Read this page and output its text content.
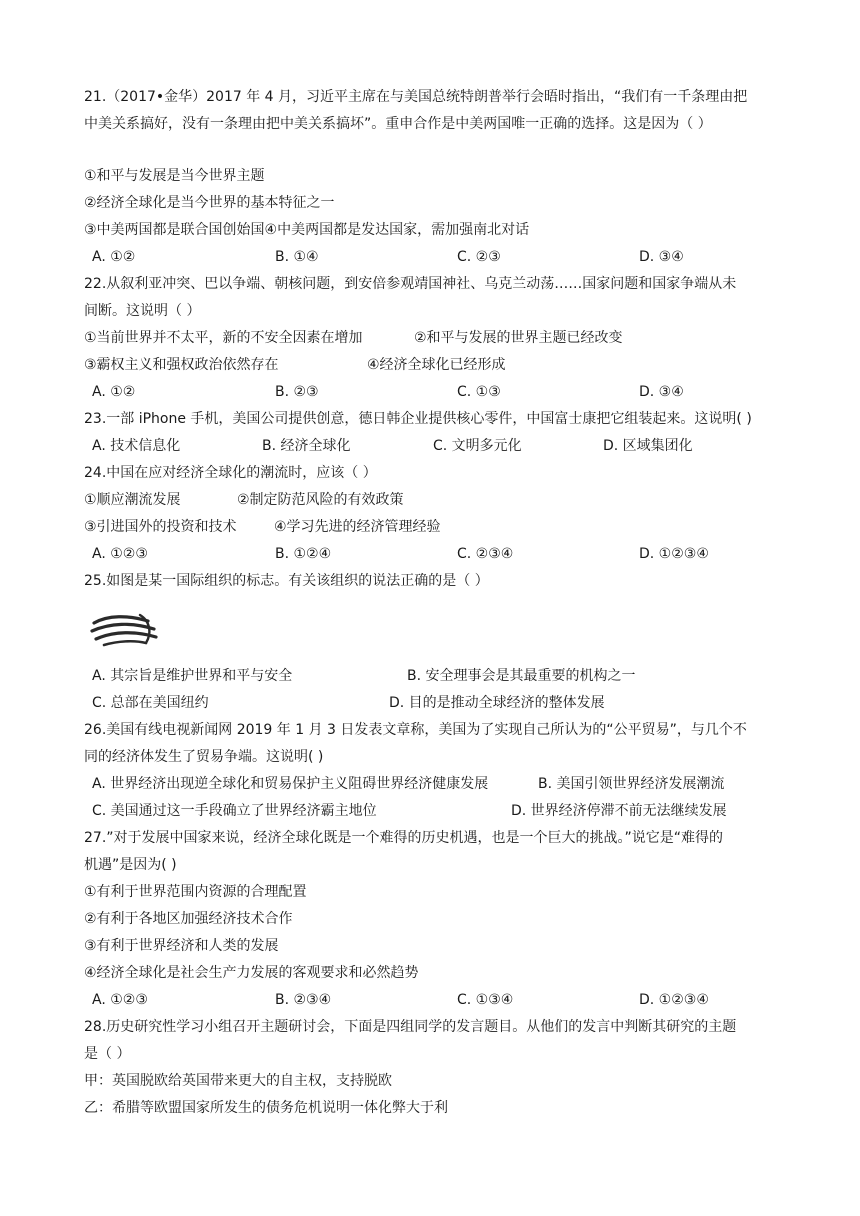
21.（2017•金华）2017 年 4 月，习近平主席在与美国总统特朗普举行会晤时指出，“我们有一千条理由把
中美关系搞好，没有一条理由把中美关系搞坏”。重申合作是中美两国唯一正确的选择。这是因为（ ）
①和平与发展是当今世界主题
②经济全球化是当今世界的基本特征之一
③中美两国都是联合国创始国④中美两国都是发达国家，需加强南北对话
A. ①②	B. ①④	C. ②③	D. ③④
22.从叙利亚冲突、巴以争端、朝核问题，到安倍参观靖国神社、乌克兰动荡……国家问题和国家争端从未
间断。这说明（ ）
①当前世界并不太平，新的不安全因素在增加	②和平与发展的世界主题已经改变
③霸权主义和强权政治依然存在	④经济全球化已经形成
A. ①②	B. ②③	C. ①③	D. ③④
23.一部 iPhone 手机，美国公司提供创意，德日韩企业提供核心零件，中国富士康把它组装起来。这说明( )
A. 技术信息化	B. 经济全球化	C. 文明多元化	D. 区域集团化
24.中国在应对经济全球化的潮流时，应该（ ）
①顺应潮流发展	②制定防范风险的有效政策
③引进国外的投资和技术	④学习先进的经济管理经验
A. ①②③	B. ①②④	C. ②③④	D. ①②③④
25.如图是某一国际组织的标志。有关该组织的说法正确的是（ ）
A. 其宗旨是维护世界和平与安全	B. 安全理事会是其最重要的机构之一
C. 总部在美国纽约	D. 目的是推动全球经济的整体发展
26.美国有线电视新闻网 2019 年 1 月 3 日发表文章称，美国为了实现自己所认为的“公平贸易”，与几个不
同的经济体发生了贸易争端。这说明( )
A. 世界经济出现逆全球化和贸易保护主义阻碍世界经济健康发展	B. 美国引领世界经济发展潮流
C. 美国通过这一手段确立了世界经济霸主地位	D. 世界经济停滞不前无法继续发展
27.”对于发展中国家来说，经济全球化既是一个难得的历史机遇，也是一个巨大的挑战。”说它是“难得的
机遇”是因为( )
①有利于世界范围内资源的合理配置
②有利于各地区加强经济技术合作
③有利于世界经济和人类的发展
④经济全球化是社会生产力发展的客观要求和必然趋势
A. ①②③	B. ②③④	C. ①③④	D. ①②③④
28.历史研究性学习小组召开主题研讨会，下面是四组同学的发言题目。从他们的发言中判断其研究的主题
是（ ）
甲：英国脱欧给英国带来更大的自主权，支持脱欧
乙：希腊等欧盟国家所发生的债务危机说明一体化弊大于利
